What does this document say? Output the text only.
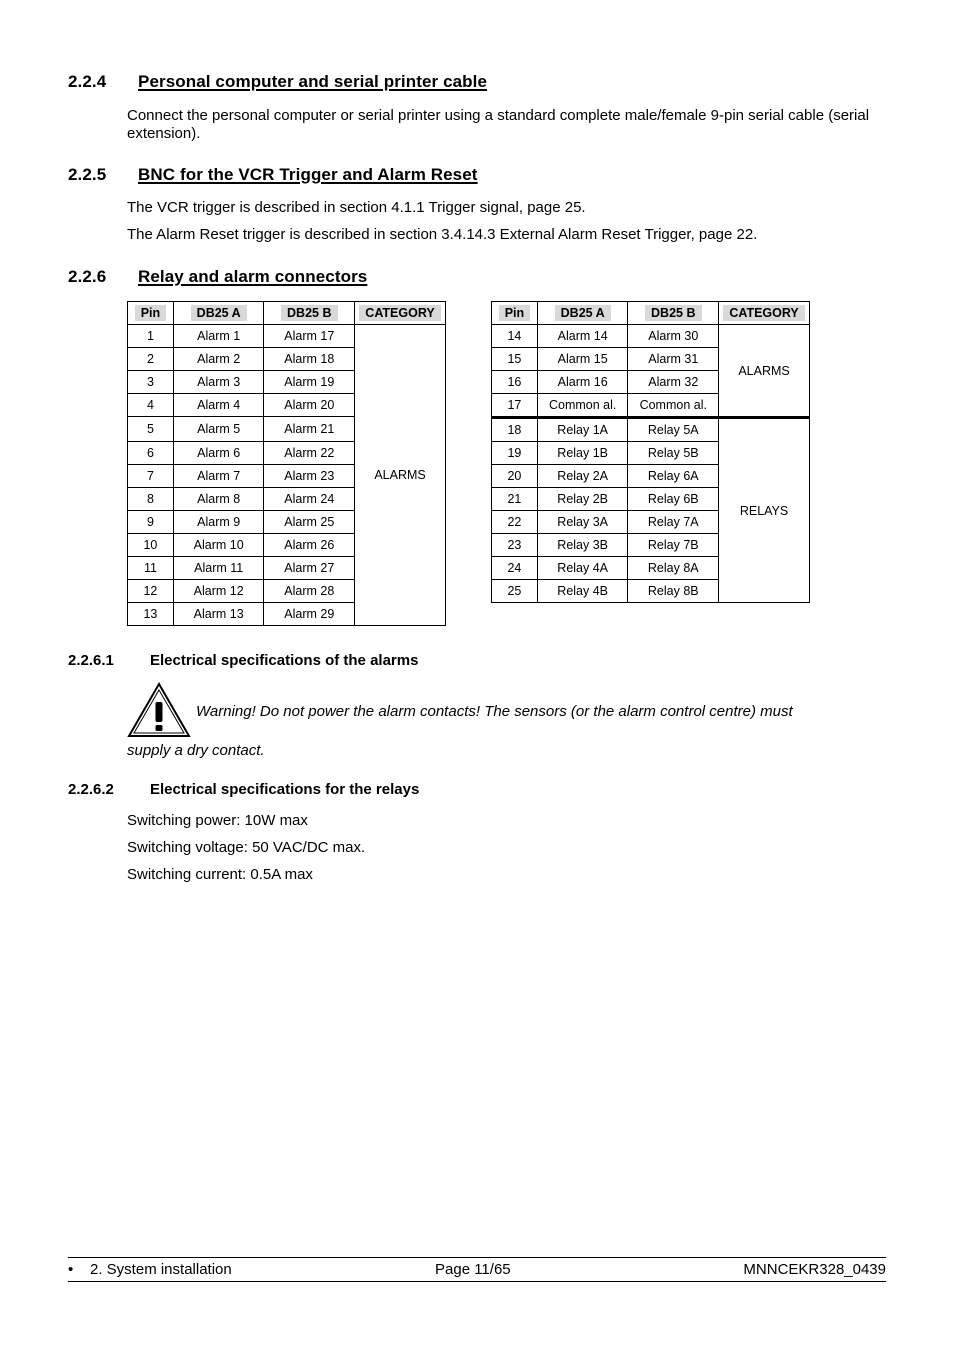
2.2.4 Personal computer and serial printer cable

Connect the personal computer or serial printer using a standard complete male/female 9-pin serial cable (serial extension).

2.2.5 BNC for the VCR Trigger and Alarm Reset

The VCR trigger is described in section 4.1.1 Trigger signal, page 25.

The Alarm Reset trigger is described in section 3.4.14.3 External Alarm Reset Trigger, page 22.

2.2.6 Relay and alarm connectors
Pin	DB25 A	DB25 B	CATEGORY
1	Alarm 1	Alarm 17	ALARMS
2	Alarm 2	Alarm 18	
3	Alarm 3	Alarm 19	
4	Alarm 4	Alarm 20	
5	Alarm 5	Alarm 21	
6	Alarm 6	Alarm 22	
7	Alarm 7	Alarm 23	
8	Alarm 8	Alarm 24	
9	Alarm 9	Alarm 25	
10	Alarm 10	Alarm 26	
11	Alarm 11	Alarm 27	
12	Alarm 12	Alarm 28	
13	Alarm 13	Alarm 29	
Pin	DB25 A	DB25 B	CATEGORY
14	Alarm 14	Alarm 30	ALARMS
15	Alarm 15	Alarm 31	
16	Alarm 16	Alarm 32	
17	Common al.	Common al.	
18	Relay 1A	Relay 5A	RELAYS
19	Relay 1B	Relay 5B	
20	Relay 2A	Relay 6A	
21	Relay 2B	Relay 6B	
22	Relay 3A	Relay 7A	
23	Relay 3B	Relay 7B	
24	Relay 4A	Relay 8A	
25	Relay 4B	Relay 8B	
2.2.6.1 Electrical specifications of the alarms

Warning! Do not power the alarm contacts! The sensors (or the alarm control centre) must

supply a dry contact.

2.2.6.2 Electrical specifications for the relays

Switching power: 10W max

Switching voltage: 50 VAC/DC max.

Switching current: 0.5A max

• 2. System installation	Page 11/65	MNNCEKR328_0439
